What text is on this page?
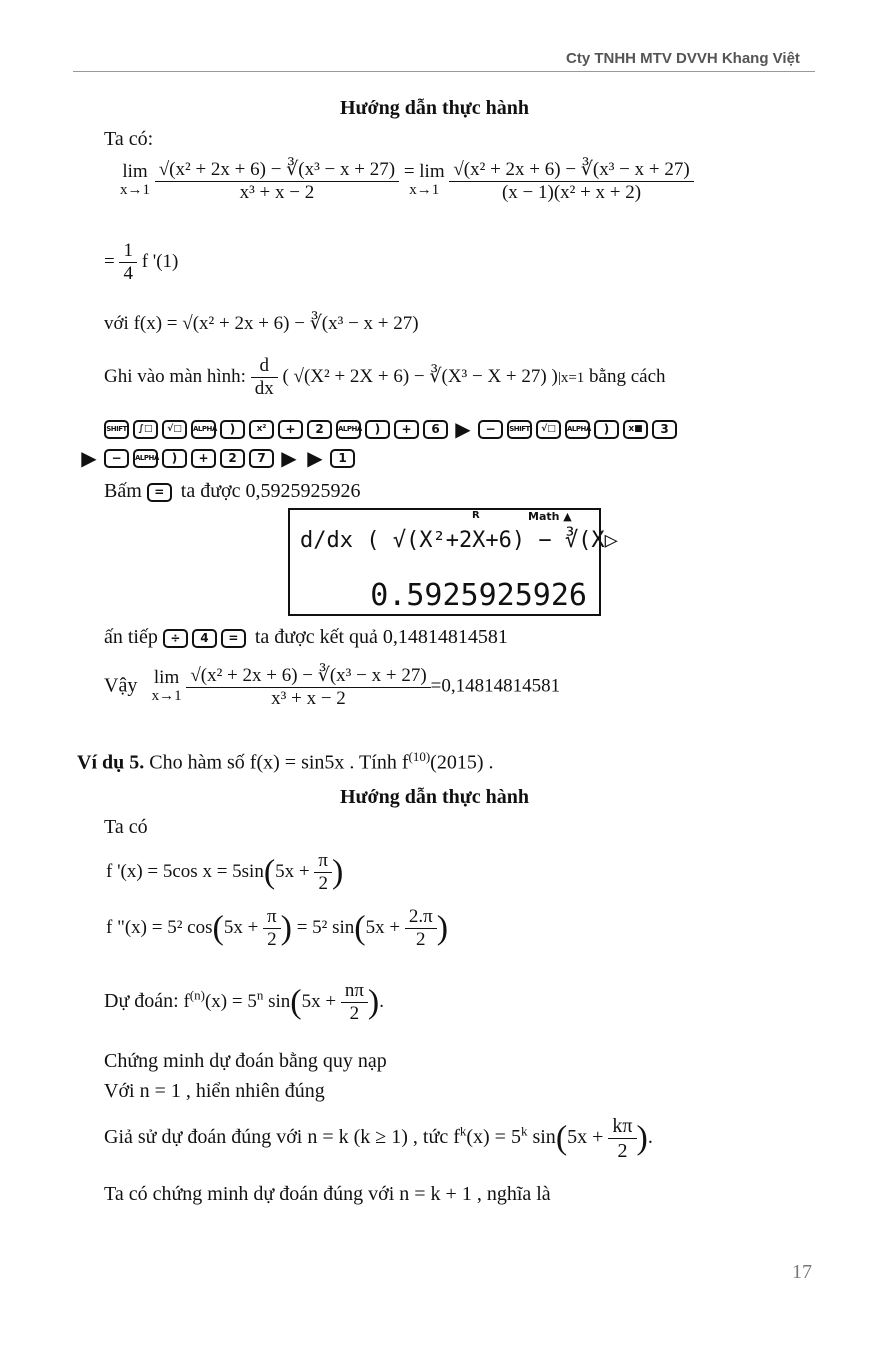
Cty TNHH MTV DVVH Khang Việt
Hướng dẫn thực hành
Ta có:
lim
x→1
$\frac{\text{√(x² + 2x + 6) − ∛(x³ − x + 27)}}{\text{x³ + x − 2}} = \lim$
x→1
$\frac{\text{√(x² + 2x + 6) − ∛(x³ − x + 27)}}{\text{(x − 1)(x² + x + 2)}}$
= $\frac{1}{4}$ f '(1)
với f(x) = √(x² + 2x + 6) − ∛(x³ − x + 27)
Ghi vào màn hình: $\frac{d}{dx}$ ( √(X² + 2X + 6) − ∛(X³ − X + 27) )|x=1 bằng cách
SHIFT ∫□ √□ ALPHA ) x² + 2 ALPHA ) + 6 ▶ − SHIFT √□ ALPHA ) x■ 3
▶ − ALPHA ) + 2 7 ▶ ▶ 1
Bấm = ta được 0,5925925926
R	Math ▲
d/dx ( √(X²+2X+6) − ∛(X▷
0.5925925926
ấn tiếp ÷ 4 = ta được kết quả 0,14814814581
Vậy lim
x→1
$\frac{\text{√(x² + 2x + 6) − ∛(x³ − x + 27)}}{\text{x³ + x − 2}} =0,14814814581$
Ví dụ 5. Cho hàm số f(x) = sin5x . Tính $f^{(10)}(2015)$ .
Hướng dẫn thực hành
Ta có
f '(x) = 5cos $x = 5\sin(5x + \frac{\pi}{2}$ )
f "(x) = 5² $\cos(5x + \frac{\pi}{2}$ ) = 5² $\sin(5x + \frac{2.\pi}{2}$ )
Dự đoán: $f^{(n)}(x) = 5^n$ $\sin(5x + \frac{n\pi}{2}$ ).
Chứng minh dự đoán bằng quy nạp
Với n = 1 , hiển nhiên đúng
Giả sử dự đoán đúng với n = k (k ≥ 1) , tức $f^k(x) = 5^k$ $\sin(5x + \frac{k\pi}{2}$ ).
Ta có chứng minh dự đoán đúng với n = k + 1 , nghĩa là
17
